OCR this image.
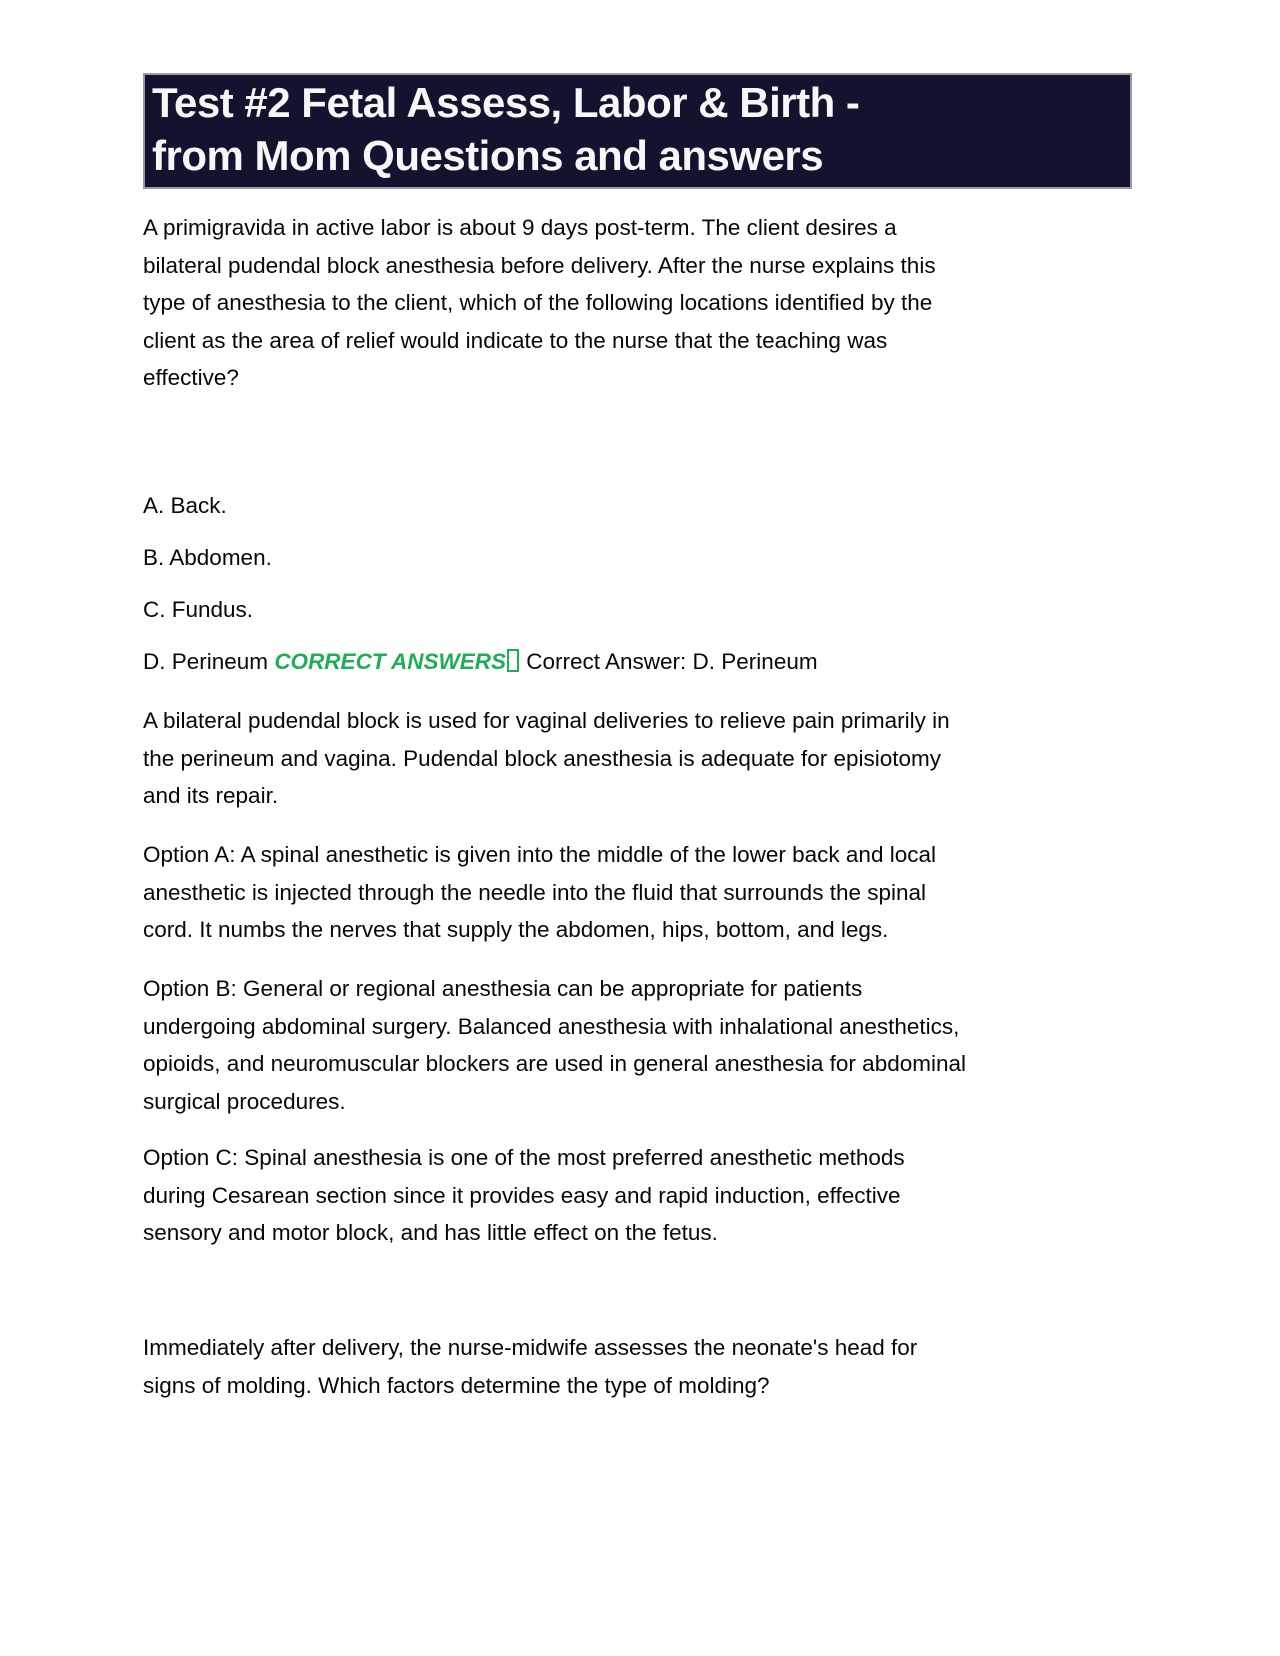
Test #2 Fetal Assess, Labor & Birth -
from Mom Questions and answers
A primigravida in active labor is about 9 days post-term. The client desires a
bilateral pudendal block anesthesia before delivery. After the nurse explains this
type of anesthesia to the client, which of the following locations identified by the
client as the area of relief would indicate to the nurse that the teaching was
effective?
A. Back.
B. Abdomen.
C. Fundus.
D. Perineum CORRECT ANSWERS Correct Answer: D. Perineum
A bilateral pudendal block is used for vaginal deliveries to relieve pain primarily in
the perineum and vagina. Pudendal block anesthesia is adequate for episiotomy
and its repair.
Option A: A spinal anesthetic is given into the middle of the lower back and local
anesthetic is injected through the needle into the fluid that surrounds the spinal
cord. It numbs the nerves that supply the abdomen, hips, bottom, and legs.
Option B: General or regional anesthesia can be appropriate for patients
undergoing abdominal surgery. Balanced anesthesia with inhalational anesthetics,
opioids, and neuromuscular blockers are used in general anesthesia for abdominal
surgical procedures.
Option C: Spinal anesthesia is one of the most preferred anesthetic methods
during Cesarean section since it provides easy and rapid induction, effective
sensory and motor block, and has little effect on the fetus.
Immediately after delivery, the nurse-midwife assesses the neonate's head for
signs of molding. Which factors determine the type of molding?
